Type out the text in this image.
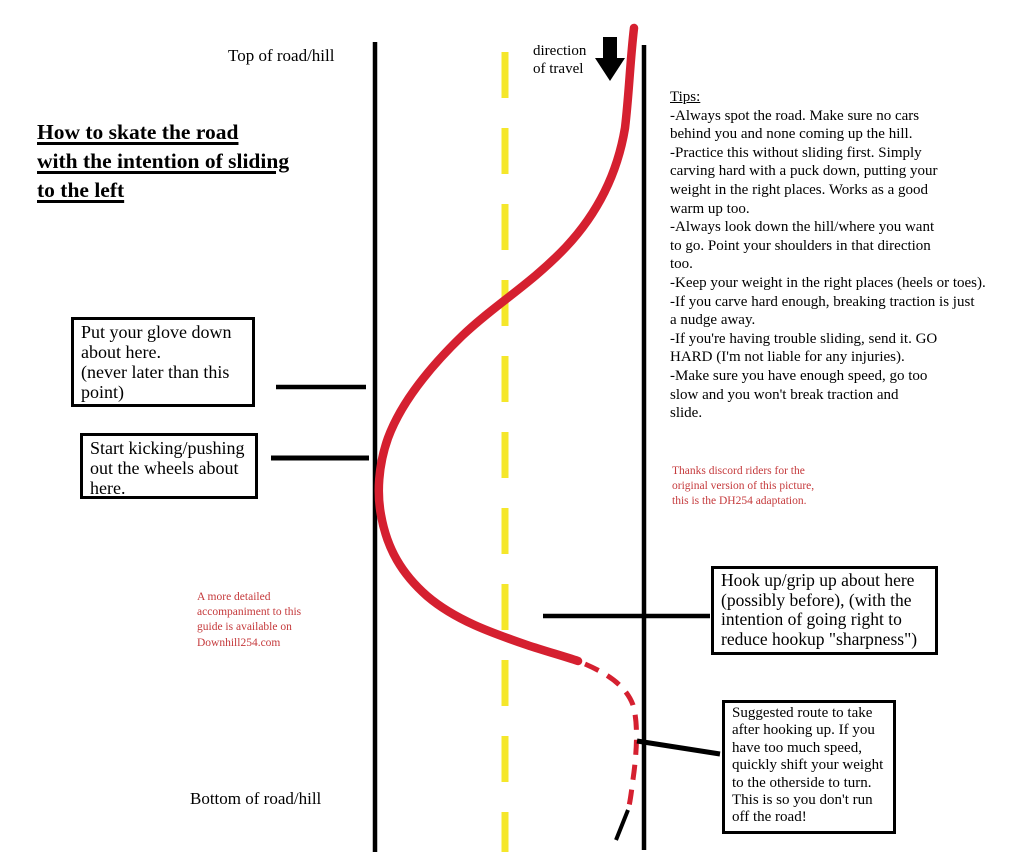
Top of road/hill
How to skate the road
with the intention of sliding
to the left
direction
of travel
Tips:
-Always spot the road. Make sure no cars
behind you and none coming up the hill.
-Practice this without sliding first. Simply
carving hard with a puck down, putting your
weight in the right places. Works as a good
warm up too.
-Always look down the hill/where you want
to go. Point your shoulders in that direction
too.
-Keep your weight in the right places (heels or toes).
-If you carve hard enough, breaking traction is just
a nudge away.
-If you're having trouble sliding, send it. GO
HARD (I'm not liable for any injuries).
-Make sure you have enough speed, go too
slow and you won't break traction and
slide.
Put your glove down
about here.
(never later than this
point)
Start kicking/pushing
out the wheels about
here.
Hook up/grip up about here
(possibly before), (with the
intention of going right to
reduce hookup "sharpness")
Suggested route to take
after hooking up. If you
have too much speed,
quickly shift your weight
to the otherside to turn.
This is so you don't run
off the road!
Thanks discord riders for the
original version of this picture,
this is the DH254 adaptation.
A more detailed
accompaniment to this
guide is available on
Downhill254.com
Bottom of road/hill
